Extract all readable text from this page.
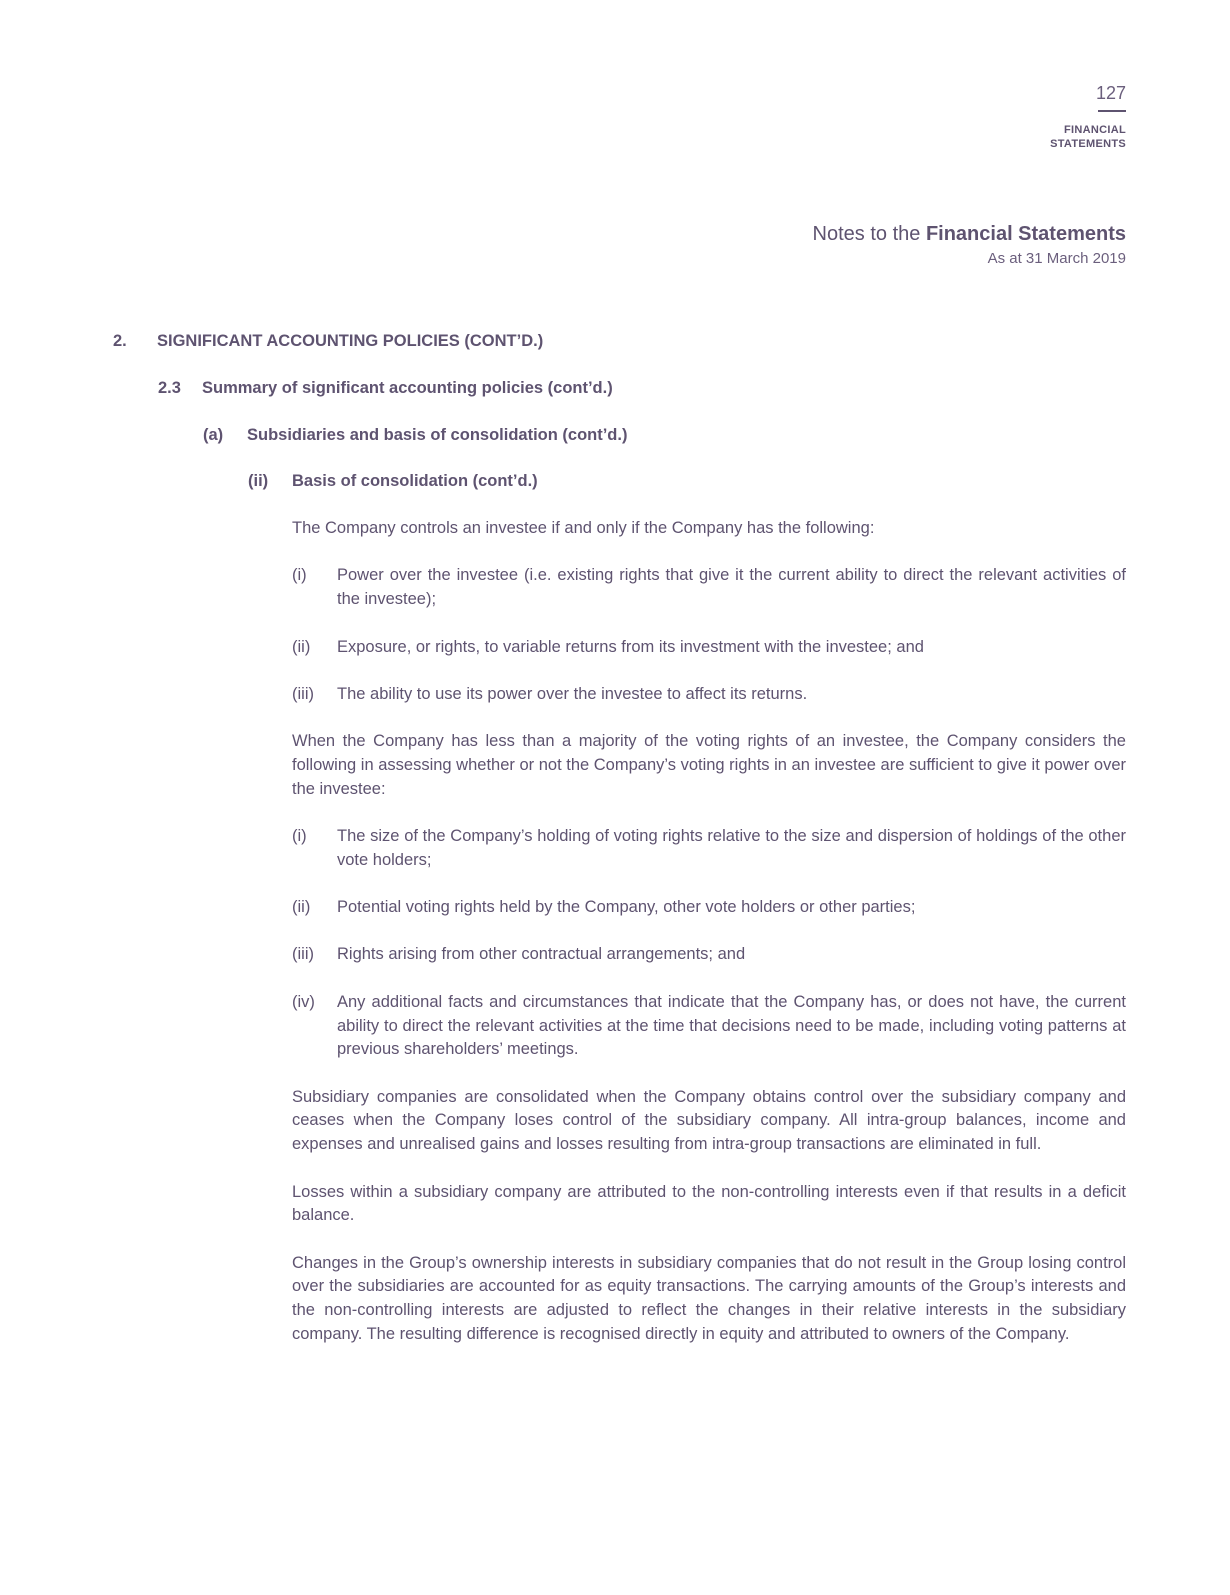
127
FINANCIAL
STATEMENTS
Notes to the Financial Statements
As at 31 March 2019
2.	SIGNIFICANT ACCOUNTING POLICIES (CONT’D.)
2.3	Summary of significant accounting policies (cont’d.)
(a)	Subsidiaries and basis of consolidation (cont’d.)
(ii)	Basis of consolidation (cont’d.)
The Company controls an investee if and only if the Company has the following:
(i)	Power over the investee (i.e. existing rights that give it the current ability to direct the relevant activities of the investee);
(ii)	Exposure, or rights, to variable returns from its investment with the investee; and
(iii)	The ability to use its power over the investee to affect its returns.
When the Company has less than a majority of the voting rights of an investee, the Company considers the following in assessing whether or not the Company’s voting rights in an investee are sufficient to give it power over the investee:
(i)	The size of the Company’s holding of voting rights relative to the size and dispersion of holdings of the other vote holders;
(ii)	Potential voting rights held by the Company, other vote holders or other parties;
(iii)	Rights arising from other contractual arrangements; and
(iv)	Any additional facts and circumstances that indicate that the Company has, or does not have, the current ability to direct the relevant activities at the time that decisions need to be made, including voting patterns at previous shareholders’ meetings.
Subsidiary companies are consolidated when the Company obtains control over the subsidiary company and ceases when the Company loses control of the subsidiary company. All intra-group balances, income and expenses and unrealised gains and losses resulting from intra-group transactions are eliminated in full.
Losses within a subsidiary company are attributed to the non-controlling interests even if that results in a deficit balance.
Changes in the Group’s ownership interests in subsidiary companies that do not result in the Group losing control over the subsidiaries are accounted for as equity transactions. The carrying amounts of the Group’s interests and the non-controlling interests are adjusted to reflect the changes in their relative interests in the subsidiary company. The resulting difference is recognised directly in equity and attributed to owners of the Company.
